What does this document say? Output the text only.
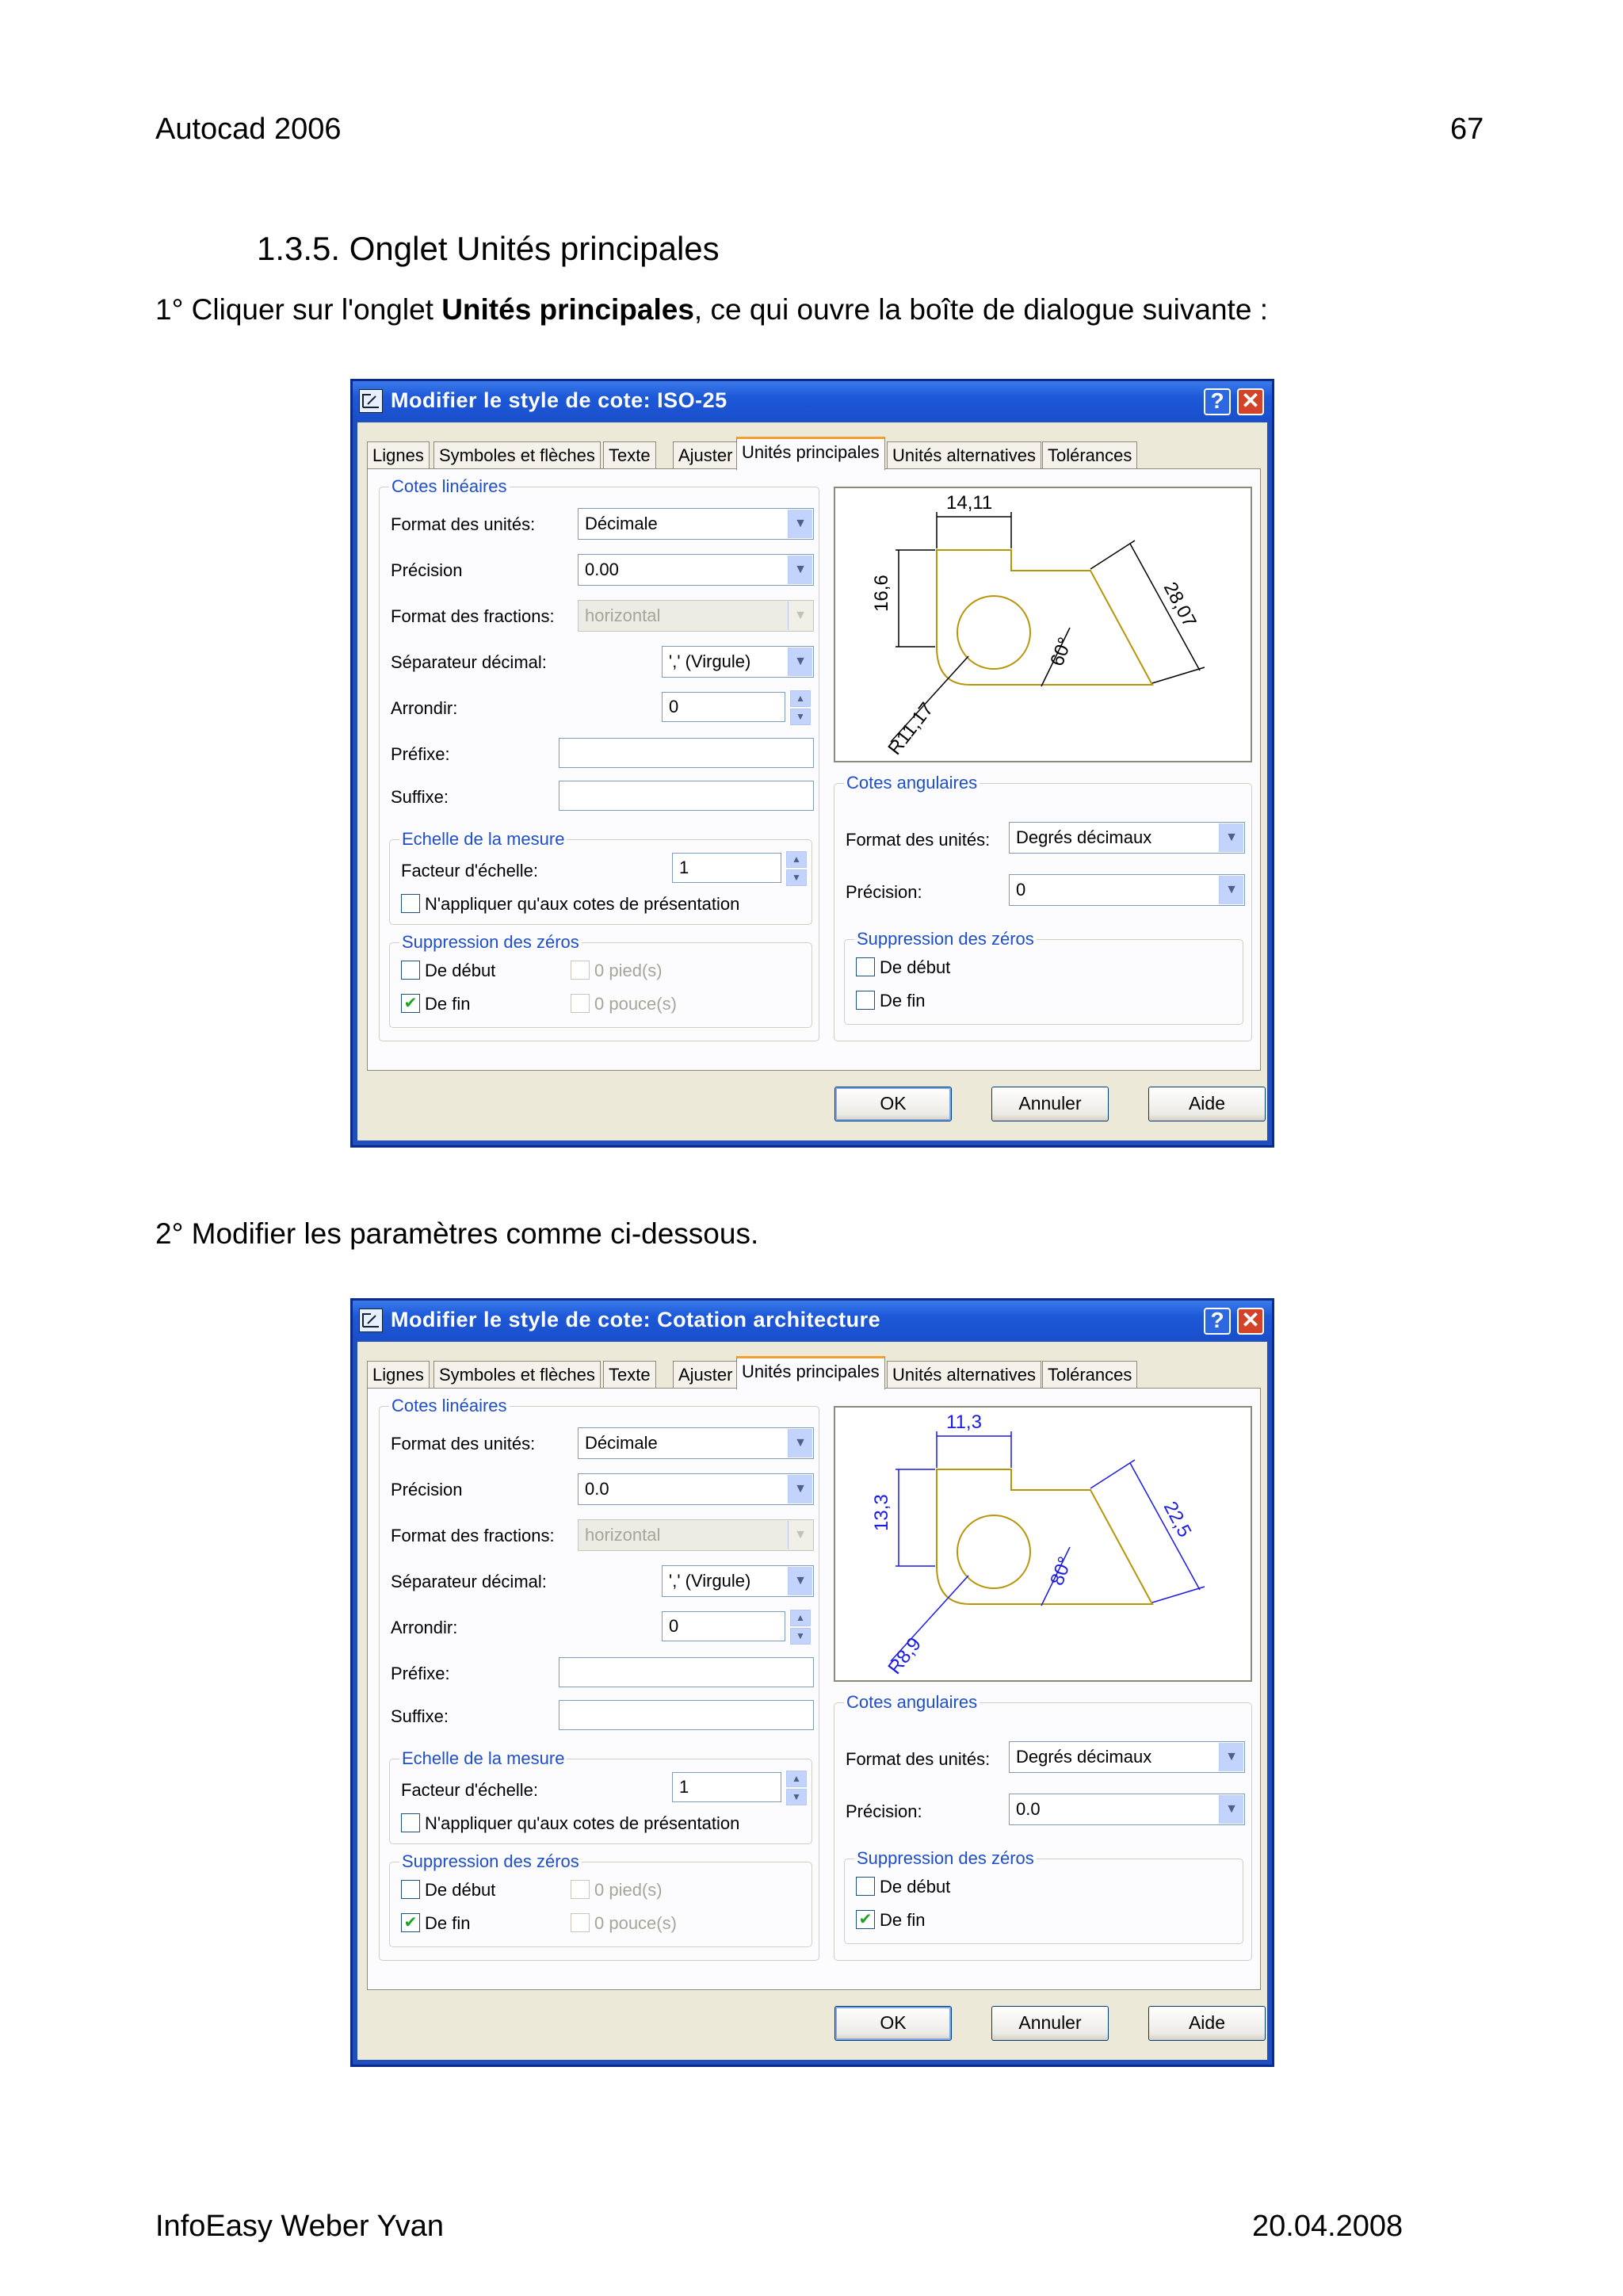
Autocad 2006	67
1.3.5. Onglet Unités principales
1° Cliquer sur l'onglet Unités principales, ce qui ouvre la boîte de dialogue suivante :
2° Modifier les paramètres comme ci-dessous.
InfoEasy Weber Yvan	20.04.2008
Modifier le style de cote: ISO-25	? ✕
Lignes Symboles et flèches Texte	Ajuster Unités principales Unités alternatives Tolérances
Cotes linéaires
Format des unités:	Décimale	▼
Précision	0.00	▼
Format des fractions:	horizontal	▼
Séparateur décimal:	',' (Virgule)	▼
Arrondir:	0	▲
▼
Préfixe:
Suffixe:
Echelle de la mesure
Facteur d'échelle:	1	▲
▼
N'appliquer qu'aux cotes de présentation
Suppression des zéros
De début	0 pied(s)
✔ De fin	0 pouce(s)
14,11
16,6	28,07
60°
R11,17
Cotes angulaires
Format des unités:	Degrés décimaux	▼
Précision:	0	▼
Suppression des zéros
De début
De fin
OK	Annuler	Aide
Modifier le style de cote: Cotation architecture	? ✕
Lignes Symboles et flèches Texte	Ajuster Unités principales Unités alternatives Tolérances
Cotes linéaires
Format des unités:	Décimale	▼
Précision	0.0	▼
Format des fractions:	horizontal	▼
Séparateur décimal:	',' (Virgule)	▼
Arrondir:	0	▲
▼
Préfixe:
Suffixe:
Echelle de la mesure
Facteur d'échelle:	1	▲
▼
N'appliquer qu'aux cotes de présentation
Suppression des zéros
De début	0 pied(s)
✔ De fin	0 pouce(s)
11,3
13,3	22,5
80°
R8,9
Cotes angulaires
Format des unités:	Degrés décimaux	▼
Précision:	0.0	▼
Suppression des zéros
De début
✔ De fin
OK	Annuler	Aide
